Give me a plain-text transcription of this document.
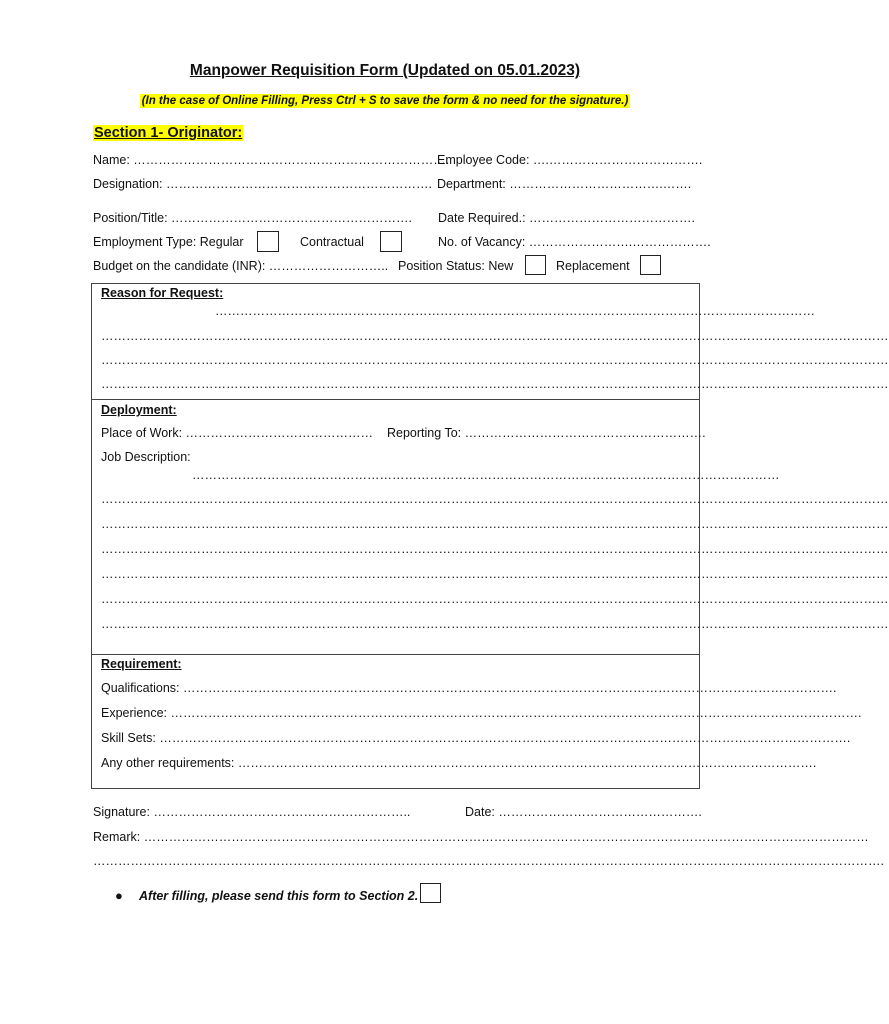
Manpower Requisition Form (Updated on 05.01.2023)
(In the case of Online Filling, Press Ctrl + S to save the form & no need for the signature.)
Section 1- Originator:
Name: ………………………………………………………………….
Employee Code: ….……………………………….
Designation: ………………………………………………………. Department: ……………………………….…….
Position/Title: …………………………………………………. Date Required.: ………………………………….
Employment Type: Regular	Contractual	No. of Vacancy: …………………….……………….
Budget on the candidate (INR): ……………………….. Position Status: New	Replacement
Reason for Request:
………………………………………………………………………………………………………………………………
………………………………………………………………………………………………………………………………………………………………………
………………………………………………………………………………………………………………………………………………………………………
………………………………………………………………………………………………………………………………………………………………………
Deployment:
Place of Work: ……………………………………… Reporting To: ………………………………………………….
Job Description:
……………………………………………………………………………………………………………………………
………………………………………………………………………………………………………………………………………………………………………
………………………………………………………………………………………………………………………………………………………………………
………………………………………………………………………………………………………………………………………………………………………
………………………………………………………………………………………………………………………………………………………………………
………………………………………………………………………………………………………………………………………………………………………
………………………………………………………………………………………………………………………………………………………………………
Requirement:
Qualifications: ………………………………………………………………………………………………………………………………………….
Experience: ………………………………………………………………………………………………………………………………………………….
Skill Sets: ………………………………………………………………………………………………………………………………………………….
Any other requirements: ………………………………………………………………………………………………………………………….
Signature: ……………………………………………………..	Date: ………………………………………….
Remark: …………………………………………………………………………………………………………………………………………………………
……………………………………………………………………………………………………………………………………………………………………….
● After filling, please send this form to Section 2.
